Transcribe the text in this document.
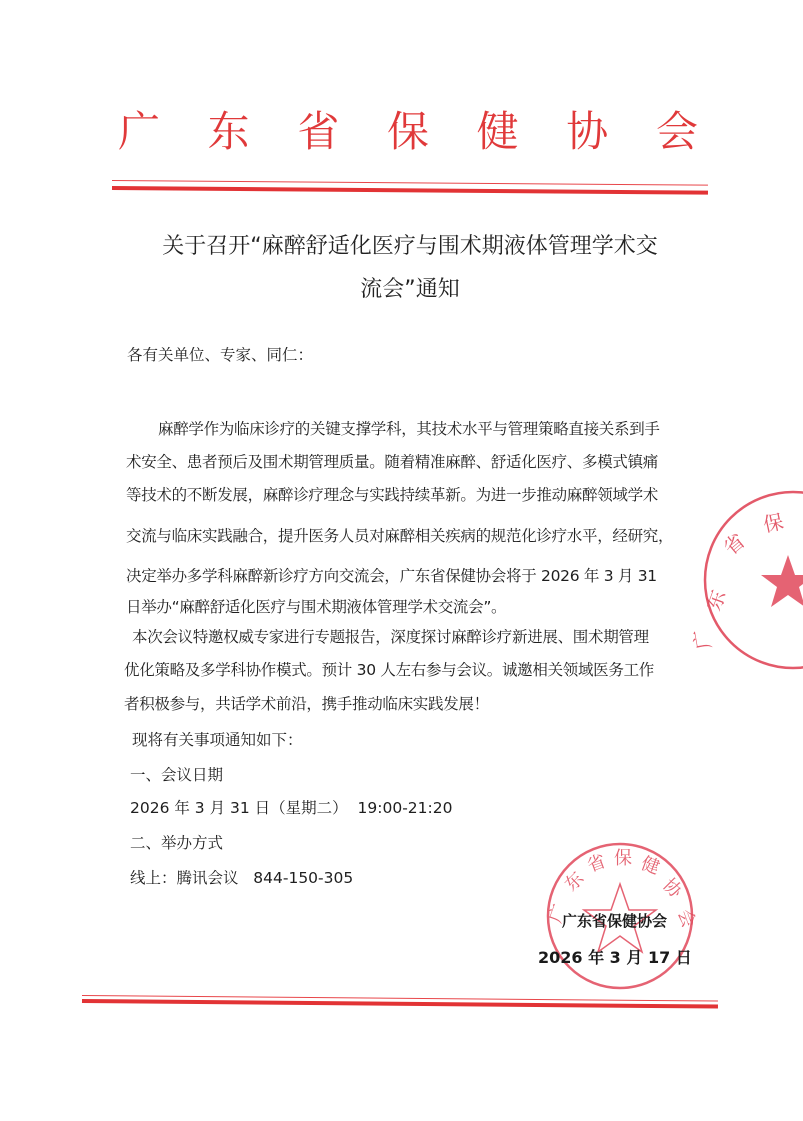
广 东 省 保 健 协 会
关于召开“麻醉舒适化医疗与围术期液体管理学术交
流会”通知
各有关单位、专家、同仁：
麻醉学作为临床诊疗的关键支撑学科，其技术水平与管理策略直接关系到手
术安全、患者预后及围术期管理质量。随着精准麻醉、舒适化医疗、多模式镇痛
等技术的不断发展，麻醉诊疗理念与实践持续革新。为进一步推动麻醉领域学术
交流与临床实践融合，提升医务人员对麻醉相关疾病的规范化诊疗水平，经研究，
决定举办多学科麻醉新诊疗方向交流会，广东省保健协会将于 2026 年 3 月 31
日举办“麻醉舒适化医疗与围术期液体管理学术交流会”。
本次会议特邀权威专家进行专题报告，深度探讨麻醉诊疗新进展、围术期管理
优化策略及多学科协作模式。预计 30 人左右参与会议。诚邀相关领域医务工作
者积极参与，共话学术前沿，携手推动临床实践发展！
现将有关事项通知如下：
一、会议日期
2026 年 3 月 31 日（星期二）  19:00-21:20
二、举办方式
线上：腾讯会议   844-150-305
东
省
保
广
广
东
省 保 健
协
会
广东省保健协会
2026 年 3 月 17 日
